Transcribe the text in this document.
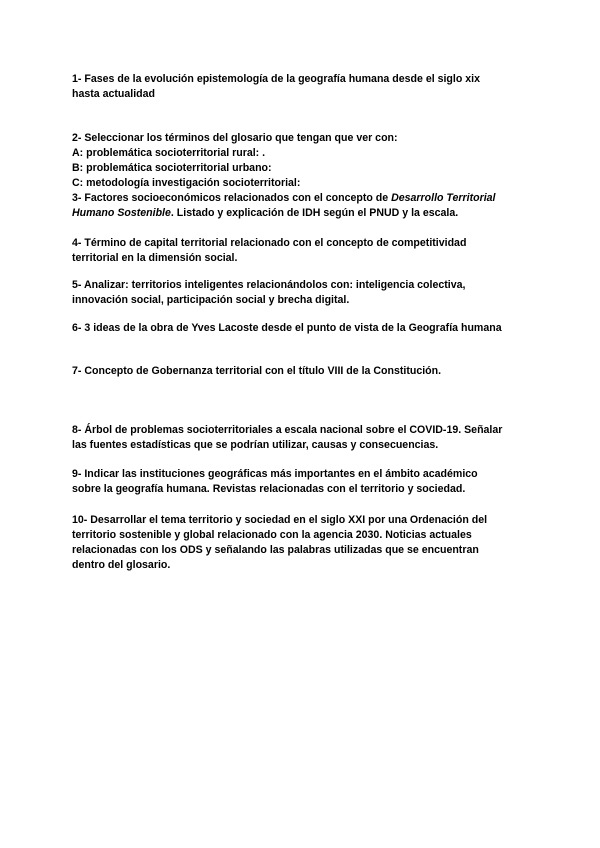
1- Fases de la evolución epistemología de la geografía humana desde el siglo xix
hasta actualidad
2- Seleccionar los términos del glosario que tengan que ver con:
A: problemática socioterritorial rural: .
B: problemática socioterritorial urbano:
C: metodología investigación socioterritorial:
3- Factores socioeconómicos relacionados con el concepto de Desarrollo Territorial
Humano Sostenible. Listado y explicación de IDH según el PNUD y la escala.
4- Término de capital territorial relacionado con el concepto de competitividad
territorial en la dimensión social.
5- Analizar: territorios inteligentes relacionándolos con: inteligencia colectiva,
innovación social, participación social y brecha digital.
6- 3 ideas de la obra de Yves Lacoste desde el punto de vista de la Geografía humana
7- Concepto de Gobernanza territorial con el título VIII de la Constitución.
8- Árbol de problemas socioterritoriales a escala nacional sobre el COVID-19. Señalar
las fuentes estadísticas que se podrían utilizar, causas y consecuencias.
9- Indicar las instituciones geográficas más importantes en el ámbito académico
sobre la geografía humana. Revistas relacionadas con el territorio y sociedad.
10- Desarrollar el tema territorio y sociedad en el siglo XXI por una Ordenación del
territorio sostenible y global relacionado con la agencia 2030. Noticias actuales
relacionadas con los ODS y señalando las palabras utilizadas que se encuentran
dentro del glosario.
